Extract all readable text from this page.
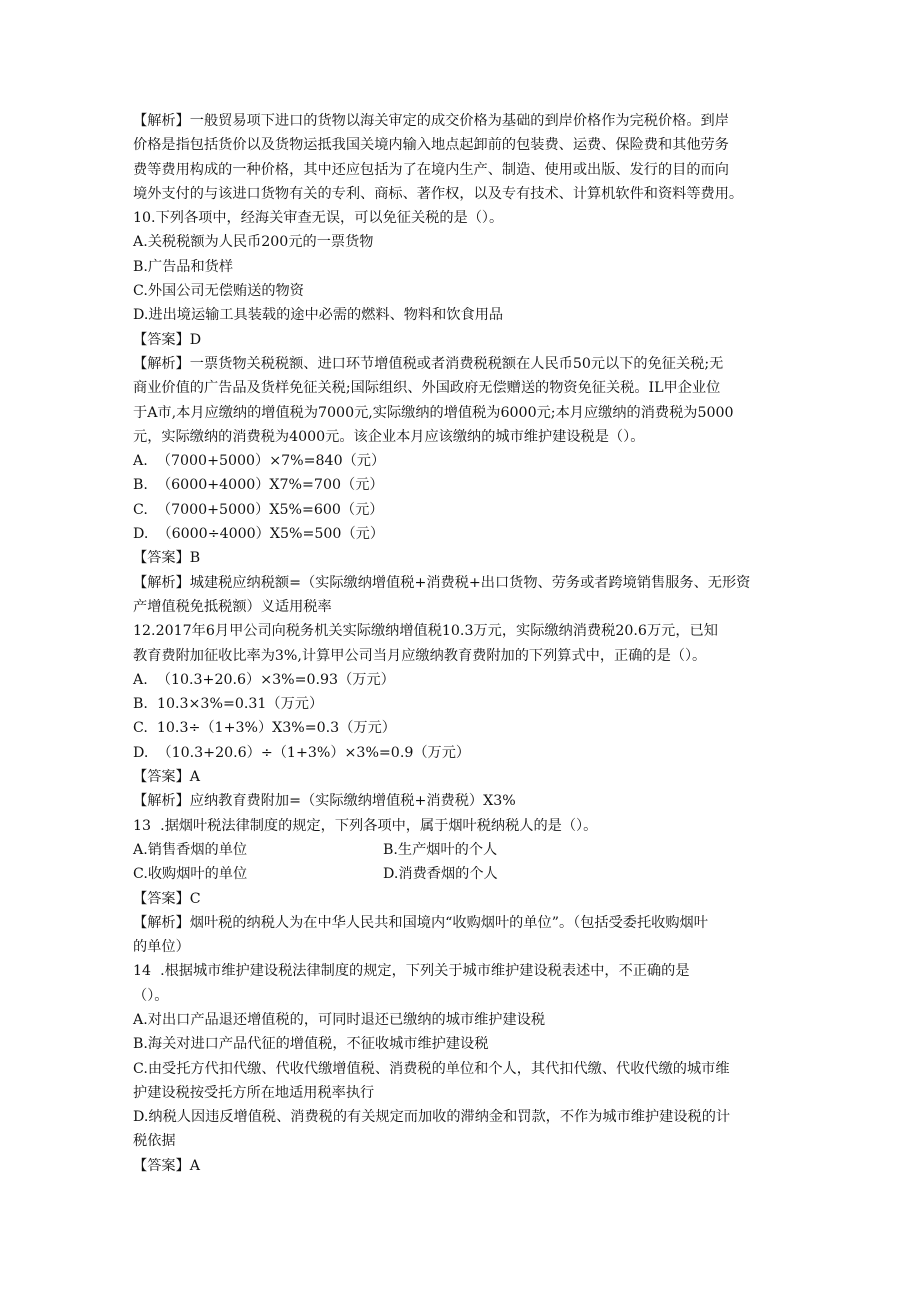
【解析】一般贸易项下进口的货物以海关审定的成交价格为基础的到岸价格作为完税价格。到岸

价格是指包括货价以及货物运抵我国关境内输入地点起卸前的包装费、运费、保险费和其他劳务

费等费用构成的一种价格，其中还应包括为了在境内生产、制造、使用或出版、发行的目的而向

境外支付的与该进口货物有关的专利、商标、著作权，以及专有技术、计算机软件和资料等费用。

10.下列各项中，经海关审查无误，可以免征关税的是（）。

A.关税税额为人民币200元的一票货物

B.广告品和货样

C.外国公司无偿贿送的物资

D.进出境运输工具装载的途中必需的燃料、物料和饮食用品

【答案】D

【解析】一票货物关税税额、进口环节增值税或者消费税税额在人民币50元以下的免征关税;无

商业价值的广告品及货样免征关税;国际组织、外国政府无偿赠送的物资免征关税。IL甲企业位

于A市,本月应缴纳的增值税为7000元,实际缴纳的增值税为6000元;本月应缴纳的消费税为5000

元，实际缴纳的消费税为4000元。该企业本月应该缴纳的城市维护建设税是（）。

A.  （7000+5000）×7%=840（元）

B.  （6000+4000）X7%=700（元）

C.  （7000+5000）X5%=600（元）

D.  （6000÷4000）X5%=500（元）

【答案】B

【解析】城建税应纳税额=（实际缴纳增值税+消费税+出口货物、劳务或者跨境销售服务、无形资

产增值税免抵税额）义适用税率

12.2017年6月甲公司向税务机关实际缴纳增值税10.3万元，实际缴纳消费税20.6万元，已知

教育费附加征收比率为3%,计算甲公司当月应缴纳教育费附加的下列算式中，正确的是（）。

A.  （10.3+20.6）×3%=0.93（万元）

B.  10.3×3%=0.31（万元）

C.  10.3÷（1+3%）X3%=0.3（万元）

D.  （10.3+20.6）÷（1+3%）×3%=0.9（万元）

【答案】A

【解析】应纳教育费附加=（实际缴纳增值税+消费税）X3%

13  .据烟叶税法律制度的规定，下列各项中，属于烟叶税纳税人的是（）。

A.销售香烟的单位	B.生产烟叶的个人
C.收购烟叶的单位	D.消费香烟的个人

【答案】C

【解析】烟叶税的纳税人为在中华人民共和国境内“收购烟叶的单位”。（包括受委托收购烟叶

的单位）

14  .根据城市维护建设税法律制度的规定，下列关于城市维护建设税表述中，不正确的是

（）。

A.对出口产品退还增值税的，可同时退还已缴纳的城市维护建设税

B.海关对进口产品代征的增值税，不征收城市维护建设税

C.由受托方代扣代缴、代收代缴增值税、消费税的单位和个人，其代扣代缴、代收代缴的城市维

护建设税按受托方所在地适用税率执行

D.纳税人因违反增值税、消费税的有关规定而加收的滞纳金和罚款，不作为城市维护建设税的计

税依据

【答案】A
